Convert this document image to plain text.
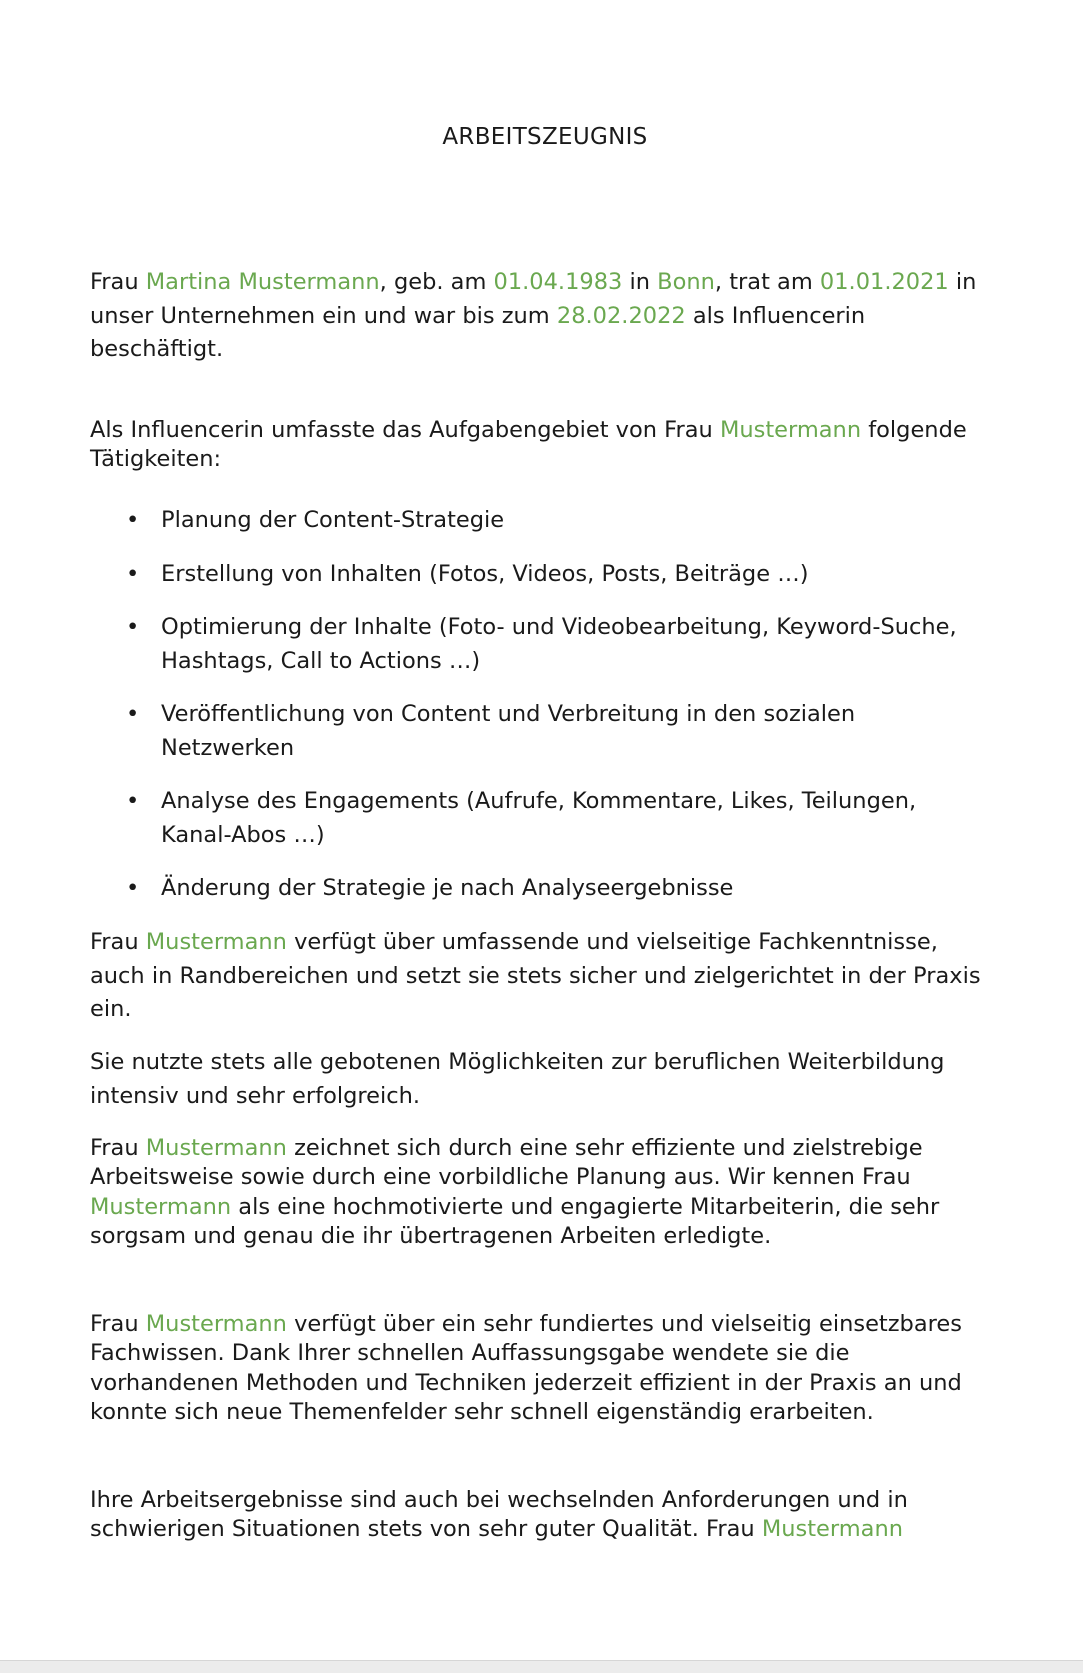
ARBEITSZEUGNIS

Frau Martina Mustermann, geb. am 01.04.1983 in Bonn, trat am 01.01.2021 in unser Unternehmen ein und war bis zum 28.02.2022 als Influencerin beschäftigt.

Als Influencerin umfasste das Aufgabengebiet von Frau Mustermann folgende Tätigkeiten:

• Planung der Content-Strategie
• Erstellung von Inhalten (Fotos, Videos, Posts, Beiträge …)
• Optimierung der Inhalte (Foto- und Videobearbeitung, Keyword-Suche, Hashtags, Call to Actions …)
• Veröffentlichung von Content und Verbreitung in den sozialen Netzwerken
• Analyse des Engagements (Aufrufe, Kommentare, Likes, Teilungen, Kanal-Abos …)
• Änderung der Strategie je nach Analyseergebnisse

Frau Mustermann verfügt über umfassende und vielseitige Fachkenntnisse, auch in Randbereichen und setzt sie stets sicher und zielgerichtet in der Praxis ein.

Sie nutzte stets alle gebotenen Möglichkeiten zur beruflichen Weiterbildung intensiv und sehr erfolgreich.

Frau Mustermann zeichnet sich durch eine sehr effiziente und zielstrebige Arbeitsweise sowie durch eine vorbildliche Planung aus. Wir kennen Frau Mustermann als eine hochmotivierte und engagierte Mitarbeiterin, die sehr sorgsam und genau die ihr übertragenen Arbeiten erledigte.

Frau Mustermann verfügt über ein sehr fundiertes und vielseitig einsetzbares Fachwissen. Dank Ihrer schnellen Auffassungsgabe wendete sie die vorhandenen Methoden und Techniken jederzeit effizient in der Praxis an und konnte sich neue Themenfelder sehr schnell eigenständig erarbeiten.

Ihre Arbeitsergebnisse sind auch bei wechselnden Anforderungen und in schwierigen Situationen stets von sehr guter Qualität. Frau Mustermann
